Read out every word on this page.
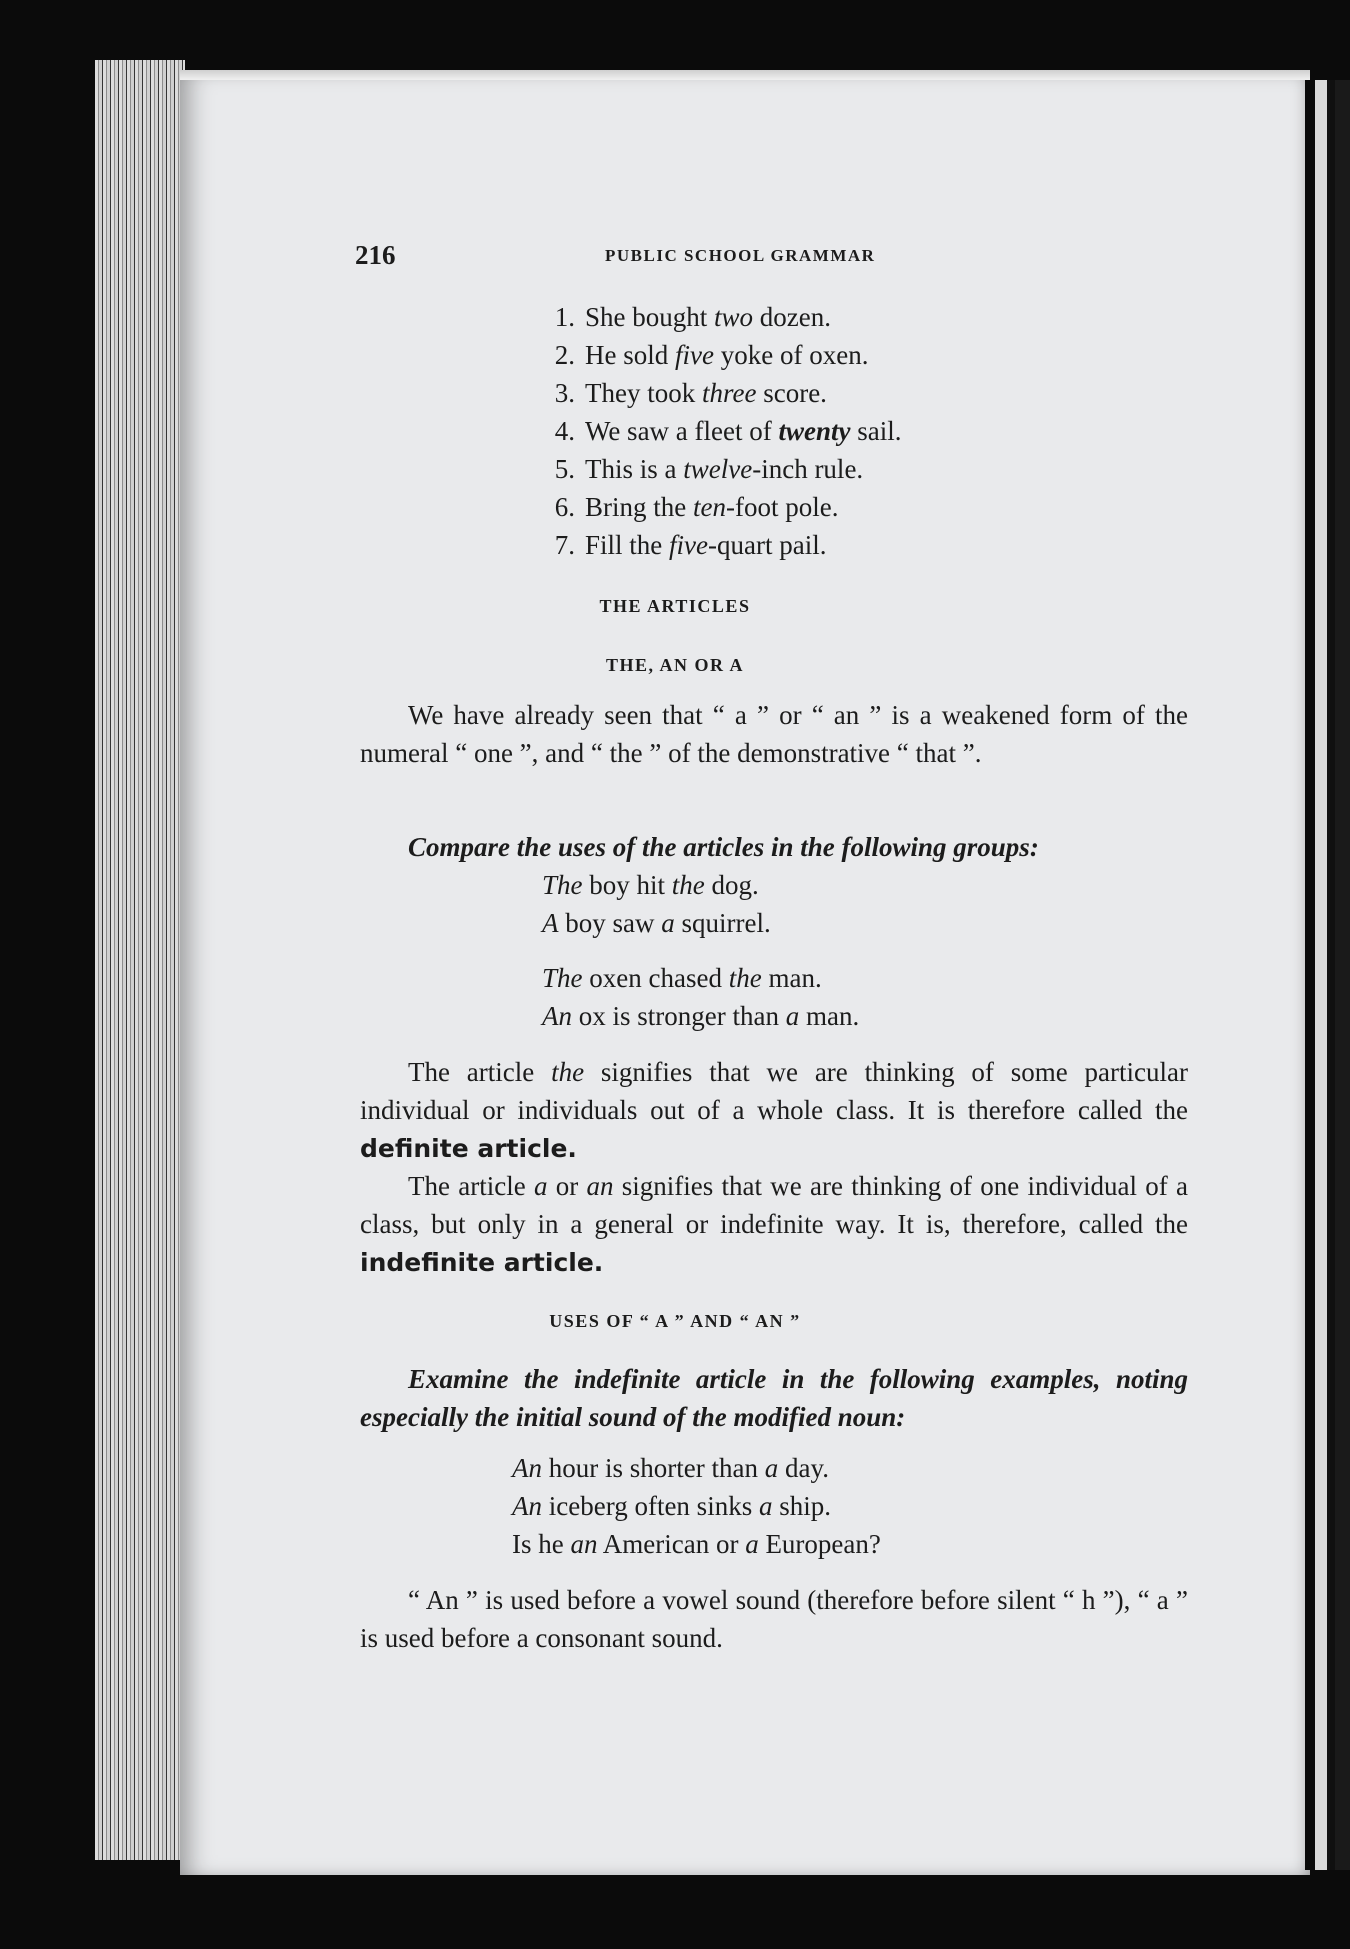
216	PUBLIC SCHOOL GRAMMAR
1. She bought two dozen.
2. He sold five yoke of oxen.
3. They took three score.
4. We saw a fleet of twenty sail.
5. This is a twelve-inch rule.
6. Bring the ten-foot pole.
7. Fill the five-quart pail.
THE ARTICLES
THE, AN OR A
We have already seen that “ a ” or “ an ” is a weakened form of the numeral “ one ”, and “ the ” of the demonstrative “ that ”.
Compare the uses of the articles in the following groups:
The boy hit the dog.
A boy saw a squirrel.
The oxen chased the man.
An ox is stronger than a man.
The article the signifies that we are thinking of some particular individual or individuals out of a whole class. It is therefore called the definite article.
The article a or an signifies that we are thinking of one individual of a class, but only in a general or indefinite way. It is, therefore, called the indefinite article.
USES OF “ A ” AND “ AN ”
Examine the indefinite article in the following examples, noting especially the initial sound of the modified noun:
An hour is shorter than a day.
An iceberg often sinks a ship.
Is he an American or a European?
“ An ” is used before a vowel sound (therefore before silent “ h ”), “ a ” is used before a consonant sound.
